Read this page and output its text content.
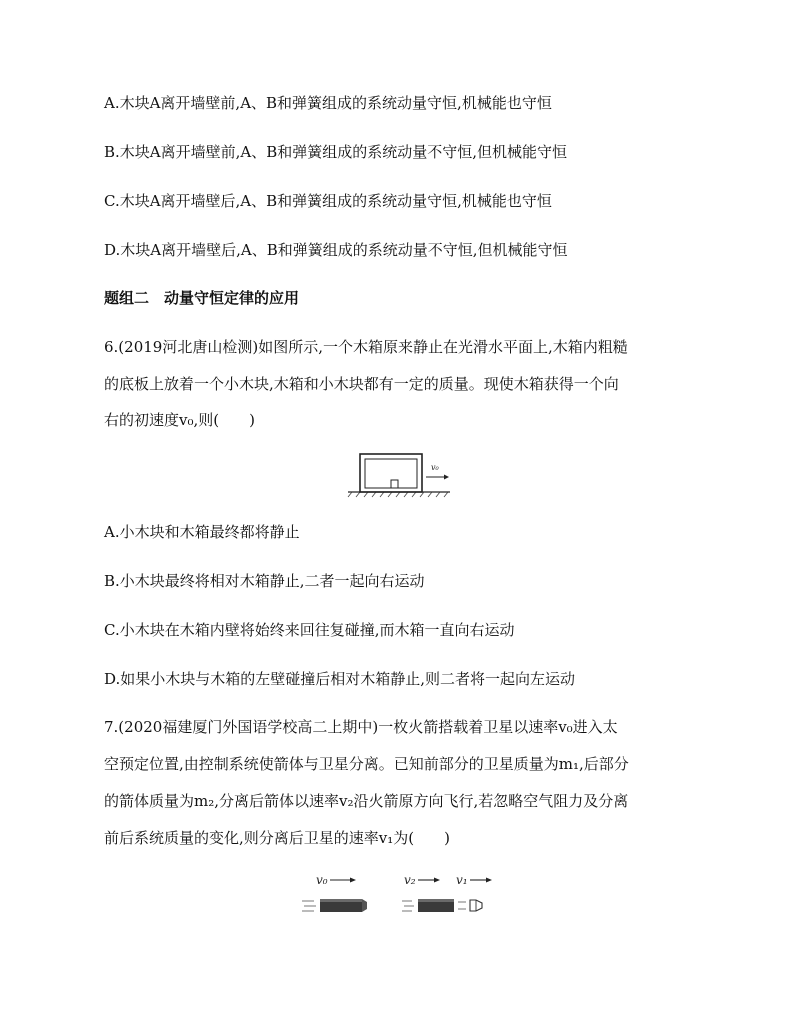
A.木块A离开墙壁前,A、B和弹簧组成的系统动量守恒,机械能也守恒
B.木块A离开墙壁前,A、B和弹簧组成的系统动量不守恒,但机械能守恒
C.木块A离开墙壁后,A、B和弹簧组成的系统动量守恒,机械能也守恒
D.木块A离开墙壁后,A、B和弹簧组成的系统动量不守恒,但机械能守恒
题组二　动量守恒定律的应用
6.(2019河北唐山检测)如图所示,一个木箱原来静止在光滑水平面上,木箱内粗糙
的底板上放着一个小木块,木箱和小木块都有一定的质量。现使木箱获得一个向
右的初速度v₀,则(　　)
v₀
A.小木块和木箱最终都将静止
B.小木块最终将相对木箱静止,二者一起向右运动
C.小木块在木箱内壁将始终来回往复碰撞,而木箱一直向右运动
D.如果小木块与木箱的左壁碰撞后相对木箱静止,则二者将一起向左运动
7.(2020福建厦门外国语学校高二上期中)一枚火箭搭载着卫星以速率v₀进入太
空预定位置,由控制系统使箭体与卫星分离。已知前部分的卫星质量为m₁,后部分
的箭体质量为m₂,分离后箭体以速率v₂沿火箭原方向飞行,若忽略空气阻力及分离
前后系统质量的变化,则分离后卫星的速率v₁为(　　)
v₀	v₂	v₁
